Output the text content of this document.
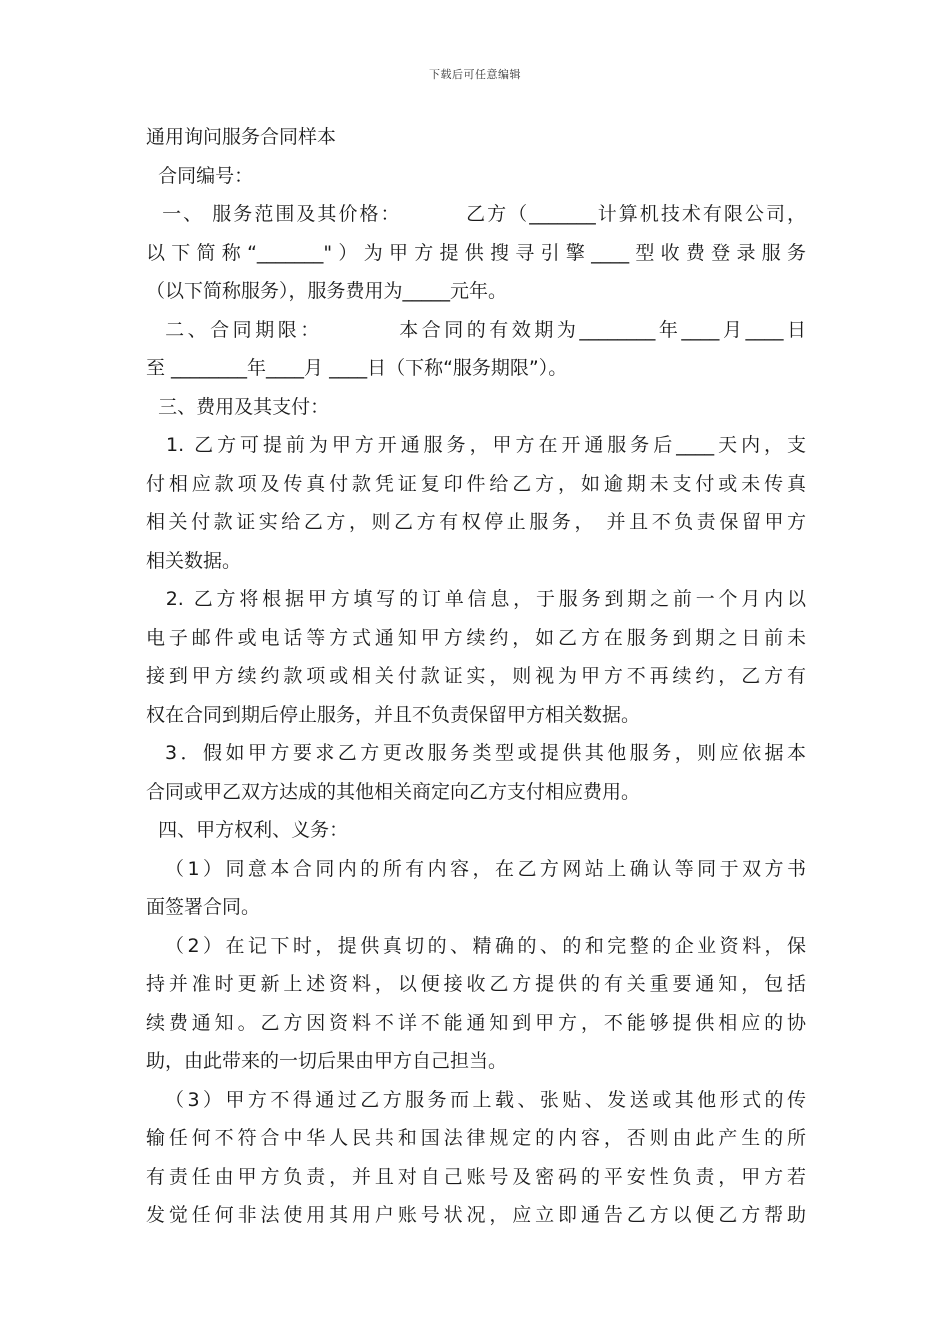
下载后可任意编辑
通用询问服务合同样本
合同编号：
一、 服务范围及其价格：        乙方（_______计算机技术有限公司，
以下简称“_______"）为甲方提供搜寻引擎____型收费登录服务
（以下简称服务），服务费用为_____元年。
二、合同期限：        本合同的有效期为________年____月____日
至 ________年____月 ____日（下称“服务期限”）。
三、费用及其支付：
1. 乙方可提前为甲方开通服务，甲方在开通服务后____天内，支
付相应款项及传真付款凭证复印件给乙方，如逾期未支付或未传真
相关付款证实给乙方，则乙方有权停止服务， 并且不负责保留甲方
相关数据。
2. 乙方将根据甲方填写的订单信息，于服务到期之前一个月内以
电子邮件或电话等方式通知甲方续约，如乙方在服务到期之日前未
接到甲方续约款项或相关付款证实，则视为甲方不再续约，乙方有
权在合同到期后停止服务，并且不负责保留甲方相关数据。
3．假如甲方要求乙方更改服务类型或提供其他服务，则应依据本
合同或甲乙双方达成的其他相关商定向乙方支付相应费用。
四、甲方权利、义务：
（1）同意本合同内的所有内容，在乙方网站上确认等同于双方书
面签署合同。
（2）在记下时，提供真切的、精确的、的和完整的企业资料，保
持并准时更新上述资料，以便接收乙方提供的有关重要通知，包括
续费通知。乙方因资料不详不能通知到甲方，不能够提供相应的协
助，由此带来的一切后果由甲方自己担当。
（3）甲方不得通过乙方服务而上载、张贴、发送或其他形式的传
输任何不符合中华人民共和国法律规定的内容，否则由此产生的所
有责任由甲方负责，并且对自己账号及密码的平安性负责，甲方若
发觉任何非法使用其用户账号状况，应立即通告乙方以便乙方帮助
